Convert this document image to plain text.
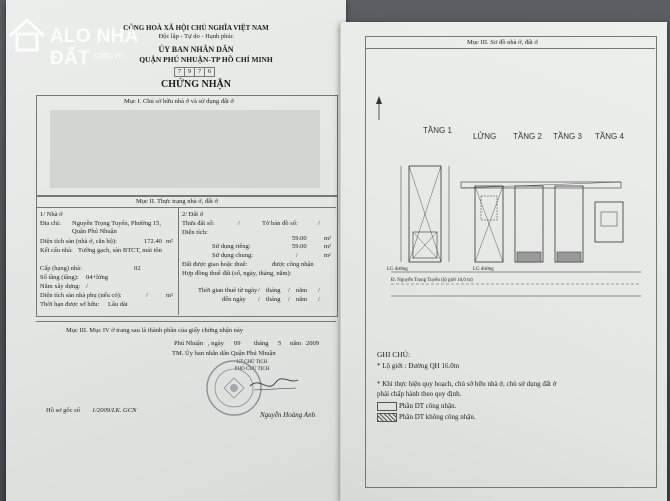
CỘNG HOÀ XÃ HỘI CHỦ NGHĨA VIỆT NAM
Độc lập - Tự do - Hạnh phúc
ỦY BAN NHÂN DÂN
QUẬN PHÚ NHUẬN-TP HỒ CHÍ MINH
7	9	7	6
CHỨNG NHẬN
Mục I. Chủ sở hữu nhà ở và sử dụng đất ở
Mục II. Thực trạng nhà ở, đất ở
1/ Nhà ở
Địa chỉ: Nguyễn Trọng Tuyển, Phường 15,
Quận Phú Nhuận
Diện tích sàn (nhà ở, căn hộ):	172.40 m²
Kết cấu nhà: Tường gạch, sàn BTCT, mái tôn
Cấp (hạng) nhà:	02
Số tầng (tầng): 04+lửng
Năm xây dựng: /
Diện tích sàn nhà phụ (nếu có):	/	m²
Thời hạn được sở hữu: Lâu dài
2/ Đất ở
Thửa đất số:	/	Tờ bản đồ số:	/
Diện tích:
59.00	m²
Sử dụng riêng:	59.00	m²
Sử dụng chung:	/	m²
Đất được giao hoặc thuê:	được công nhận
Hợp đồng thuê đất (số, ngày, tháng, năm):
Thời gian thuê từ ngày / tháng / năm /
đến ngày / tháng / năm /
Mục III. Mục IV ở trang sau là thành phần của giấy chứng nhận này
Phú Nhuận , ngày 09 tháng 5 năm 2009
TM. Ủy ban nhân dân Quận Phú Nhuận
KT.CHỦ TỊCH
PHÓ CHỦ TỊCH
Nguyễn Hoàng Anh
Hồ sơ gốc số 1/2009/LK. GCN
Mục III. Sơ đồ nhà ở, đất ở
TẦNG 1
LỬNG TẦNG 2 TẦNG 3 TẦNG 4
LG đường	LG đường
Đ. Nguyễn Trọng Tuyển (lộ giới 16,0 m)
GHI CHÚ:
* Lộ giới : Đường QH 16.0m
* Khi thực hiện quy hoạch, chủ sở hữu nhà ở, chủ sử dụng đất ở
phải chấp hành theo quy định.
Phần DT công nhận.
Phần DT không công nhận.
ALO NHÀ ĐẤT .com.vn
